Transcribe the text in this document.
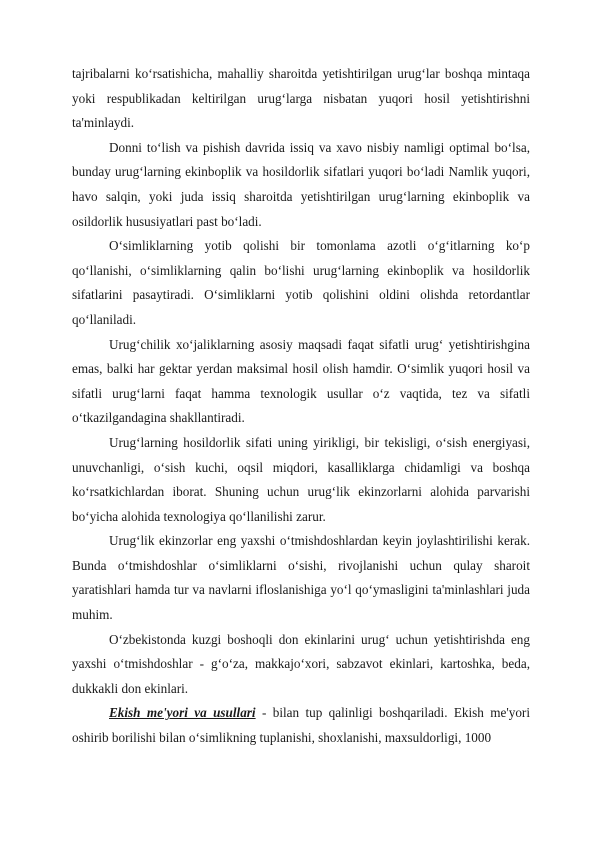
tajribalarni ko‘rsatishicha, mahalliy sharoitda yetishtirilgan urug‘lar boshqa mintaqa yoki respublikadan keltirilgan urug‘larga nisbatan yuqori hosil yetishtirishni ta'minlaydi.

Donni to‘lish va pishish davrida issiq va xavo nisbiy namligi optimal bo‘lsa, bunday urug‘larning ekinboplik va hosildorlik sifatlari yuqori bo‘ladi Namlik yuqori, havo salqin, yoki juda issiq sharoitda yetishtirilgan urug‘larning ekinboplik va osildorlik hususiyatlari past bo‘ladi.

O‘simliklarning yotib qolishi bir tomonlama azotli o‘g‘itlarning ko‘p qo‘llanishi, o‘simliklarning qalin bo‘lishi urug‘larning ekinboplik va hosildorlik sifatlarini pasaytiradi. O‘simliklarni yotib qolishini oldini olishda retordantlar qo‘llaniladi.

Urug‘chilik xo‘jaliklarning asosiy maqsadi faqat sifatli urug‘ yetishtirishgina emas, balki har gektar yerdan maksimal hosil olish hamdir. O‘simlik yuqori hosil va sifatli urug‘larni faqat hamma texnologik usullar o‘z vaqtida, tez va sifatli o‘tkazilgandagina shakllantiradi.

Urug‘larning hosildorlik sifati uning yirikligi, bir tekisligi, o‘sish energiyasi, unuvchanligi, o‘sish kuchi, oqsil miqdori, kasalliklarga chidamligi va boshqa ko‘rsatkichlardan iborat. Shuning uchun urug‘lik ekinzorlarni alohida parvarishi bo‘yicha alohida texnologiya qo‘llanilishi zarur.

Urug‘lik ekinzorlar eng yaxshi o‘tmishdoshlardan keyin joylashtirilishi kerak. Bunda o‘tmishdoshlar o‘simliklarni o‘sishi, rivojlanishi uchun qulay sharoit yaratishlari hamda tur va navlarni ifloslanishiga yo‘l qo‘ymasligini ta'minlashlari juda muhim.

O‘zbekistonda kuzgi boshoqli don ekinlarini urug‘ uchun yetishtirishda eng yaxshi o‘tmishdoshlar - g‘o‘za, makkajo‘xori, sabzavot ekinlari, kartoshka, beda, dukkakli don ekinlari.

Ekish me'yori va usullari - bilan tup qalinligi boshqariladi. Ekish me'yori oshirib borilishi bilan o‘simlikning tuplanishi, shoxlanishi, maxsuldorligi, 1000
